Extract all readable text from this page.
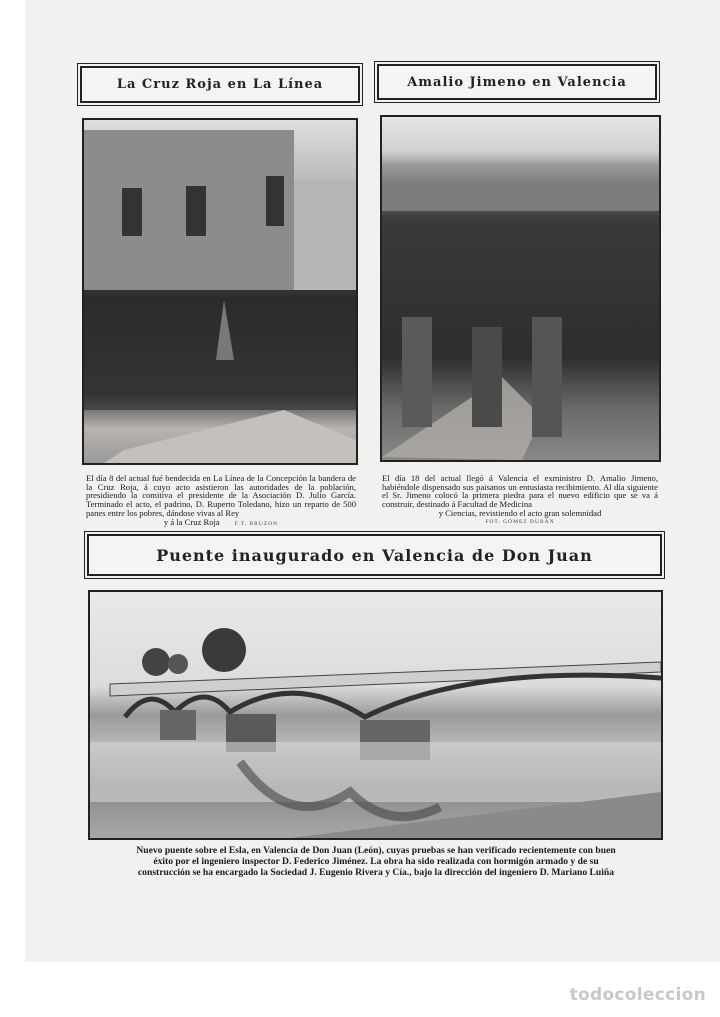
La Cruz Roja en La Línea
El día 8 del actual fué bendecida en La Línea de la Concepción la bandera de la Cruz Roja, á cuyo acto asistieron las autoridades de la población, presidiendo la comitiva el presidente de la Asociación D. Julio García. Terminado el acto, el padrino, D. Ruperto Toledano, hizo un reparto de 500 panes entre los pobres, dándose vivas al Rey
y á la Cruz Roja	F.T. BRUZON
Amalio Jimeno en Valencia
El día 18 del actual llegó á Valencia el exministro D. Amalio Jimeno, habiéndole dispensado sus paisanos un entusiasta recibimiento. Al día siguiente el Sr. Jimeno colocó la primera piedra para el nuevo edificio que se va á construir, destinado á Facultad de Medicina
y Ciencias, revistiendo el acto gran solemnidad
FOT. GÓMEZ DURÁN
Puente inaugurado en Valencia de Don Juan
Nuevo puente sobre el Esla, en Valencia de Don Juan (León), cuyas pruebas se han verificado recientemente con buen
éxito por el ingeniero inspector D. Federico Jiménez. La obra ha sido realizada con hormigón armado y de su
construcción se ha encargado la Sociedad J. Eugenio Rivera y Cía., bajo la dirección del ingeniero D. Mariano Luiña
todocoleccion
